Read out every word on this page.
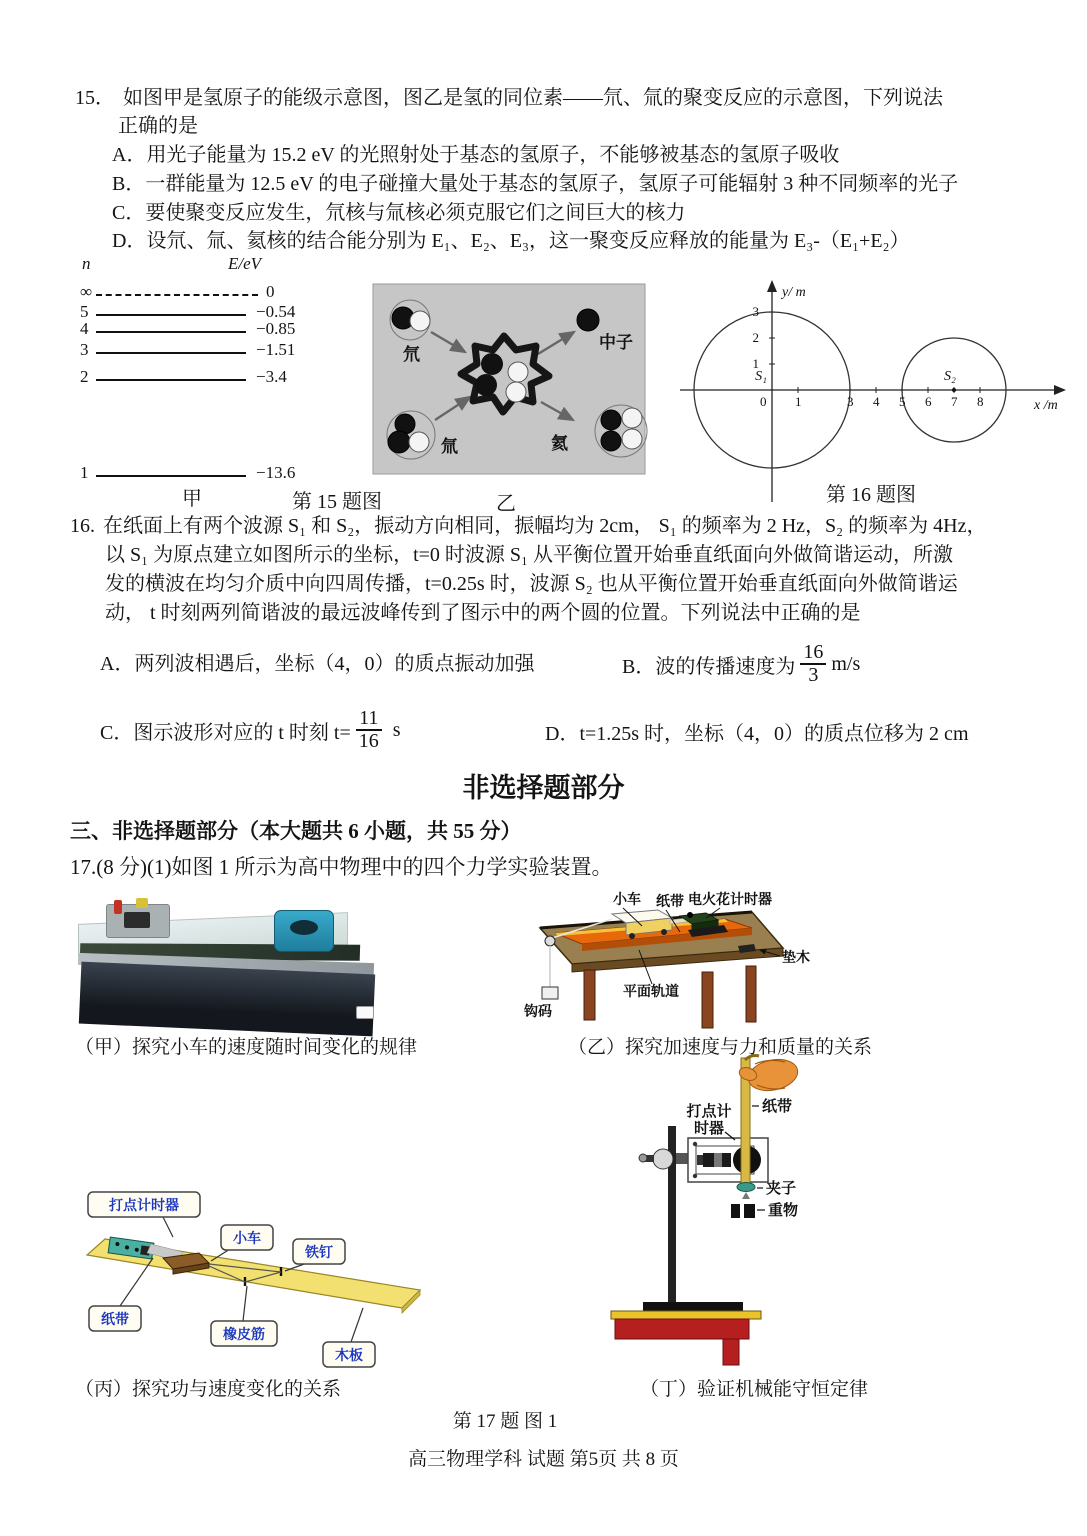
15． 如图甲是氢原子的能级示意图，图乙是氢的同位素——氘、氚的聚变反应的示意图，下列说法
正确的是
A．用光子能量为 15.2 eV 的光照射处于基态的氢原子，不能够被基态的氢原子吸收
B．一群能量为 12.5 eV 的电子碰撞大量处于基态的氢原子，氢原子可能辐射 3 种不同频率的光子
C．要使聚变反应发生，氘核与氚核必须克服它们之间巨大的核力
D．设氘、氚、氦核的结合能分别为 E₁、E₂、E₃，这一聚变反应释放的能量为 E₃-（E₁+E₂）
n	E/eV
∞	0
5	−0.54
4	−0.85
3	−1.51
2	−3.4
1	−13.6
甲	第 15 题图	乙
氘
氚
中子
氦
y/ m
x /m
1
2
3
0 1	3 4 5 6 7 8
S₁	S₂
第 16 题图
16. 在纸面上有两个波源 S₁ 和 S₂，振动方向相同，振幅均为 2cm， S₁ 的频率为 2 Hz，S₂ 的频率为 4Hz，
以 S₁ 为原点建立如图所示的坐标，t=0 时波源 S₁ 从平衡位置开始垂直纸面向外做简谐运动，所激
发的横波在均匀介质中向四周传播，t=0.25s 时，波源 S₂ 也从平衡位置开始垂直纸面向外做简谐运
动， t 时刻两列简谐波的最远波峰传到了图示中的两个圆的位置。下列说法中正确的是
A．两列波相遇后，坐标（4，0）的质点振动加强	B．波的传播速度为 $\frac{16}{3} m/s$
C．图示波形对应的 t 时刻 $t= \frac{11}{16}$ s	D．t=1.25s 时，坐标（4，0）的质点位移为 2 cm
非选择题部分
三、非选择题部分（本大题共 6 小题，共 55 分）
17.(8 分)(1)如图 1 所示为高中物理中的四个力学实验装置。
（甲）探究小车的速度随时间变化的规律
小车 纸带 电火花计时器
垫木
平面轨道
钩码
（乙）探究加速度与力和质量的关系
打点计时器
小车
铁钉
纸带
橡皮筋
木板
（丙）探究功与速度变化的关系
打点计
时器
纸带
夹子
重物
（丁）验证机械能守恒定律
第 17 题 图 1
高三物理学科 试题 第5页 共 8 页
